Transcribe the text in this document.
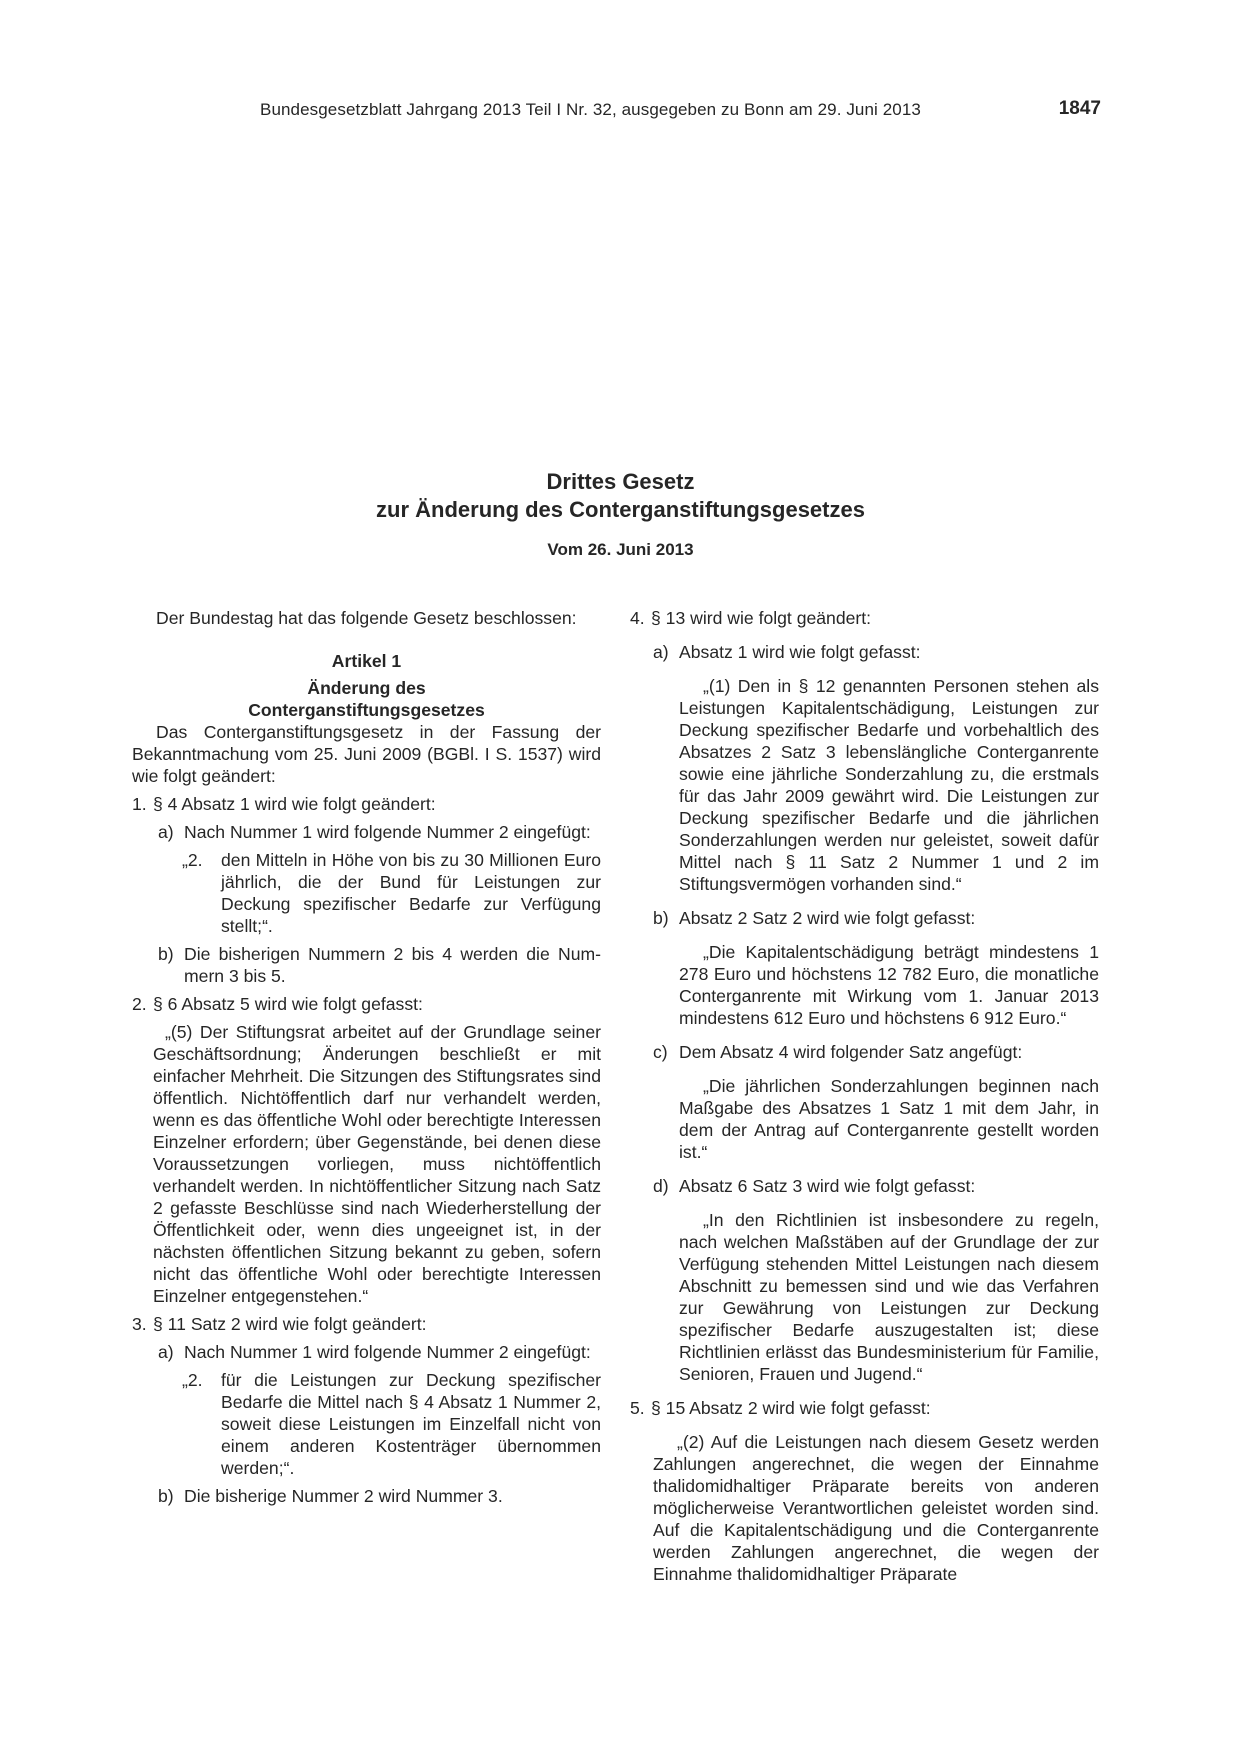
Bundesgesetzblatt Jahrgang 2013 Teil I Nr. 32, ausgegeben zu Bonn am 29. Juni 2013	1847
Drittes Gesetz
zur Änderung des Conterganstiftungsgesetzes
Vom 26. Juni 2013

Der Bundestag hat das folgende Gesetz beschlossen:

Artikel 1

Änderung des

Conterganstiftungsgesetzes

Das Conterganstiftungsgesetz in der Fassung der Bekanntmachung vom 25. Juni 2009 (BGBl. I S. 1537) wird wie folgt geändert:

1. § 4 Absatz 1 wird wie folgt geändert:
a) Nach Nummer 1 wird folgende Nummer 2 eingefügt:
„2. den Mitteln in Höhe von bis zu 30 Millionen Euro jährlich, die der Bund für Leistungen zur Deckung spezifischer Bedarfe zur Verfügung stellt;“.
b) Die bisherigen Nummern 2 bis 4 werden die Nummern 3 bis 5.
2. § 6 Absatz 5 wird wie folgt gefasst:

„(5) Der Stiftungsrat arbeitet auf der Grundlage seiner Geschäftsordnung; Änderungen beschließt er mit einfacher Mehrheit. Die Sitzungen des Stiftungsrates sind öffentlich. Nichtöffentlich darf nur verhandelt werden, wenn es das öffentliche Wohl oder berechtigte Interessen Einzelner erfordern; über Gegenstände, bei denen diese Voraussetzungen vorliegen, muss nichtöffentlich verhandelt werden. In nichtöffentlicher Sitzung nach Satz 2 gefasste Beschlüsse sind nach Wiederherstellung der Öffentlichkeit oder, wenn dies ungeeignet ist, in der nächsten öffentlichen Sitzung bekannt zu geben, sofern nicht das öffentliche Wohl oder berechtigte Interessen Einzelner entgegenstehen.“

3. § 11 Satz 2 wird wie folgt geändert:
a) Nach Nummer 1 wird folgende Nummer 2 eingefügt:
„2. für die Leistungen zur Deckung spezifischer Bedarfe die Mittel nach § 4 Absatz 1 Nummer 2, soweit diese Leistungen im Einzelfall nicht von einem anderen Kostenträger übernommen werden;“.
b) Die bisherige Nummer 2 wird Nummer 3.
4. § 13 wird wie folgt geändert:
a) Absatz 1 wird wie folgt gefasst:

„(1) Den in § 12 genannten Personen stehen als Leistungen Kapitalentschädigung, Leistungen zur Deckung spezifischer Bedarfe und vorbehaltlich des Absatzes 2 Satz 3 lebenslängliche Conterganrente sowie eine jährliche Sonderzahlung zu, die erstmals für das Jahr 2009 gewährt wird. Die Leistungen zur Deckung spezifischer Bedarfe und die jährlichen Sonderzahlungen werden nur geleistet, soweit dafür Mittel nach § 11 Satz 2 Nummer 1 und 2 im Stiftungsvermögen vorhanden sind.“

b) Absatz 2 Satz 2 wird wie folgt gefasst:

„Die Kapitalentschädigung beträgt mindestens 1 278 Euro und höchstens 12 782 Euro, die monatliche Conterganrente mit Wirkung vom 1. Januar 2013 mindestens 612 Euro und höchstens 6 912 Euro.“

c) Dem Absatz 4 wird folgender Satz angefügt:

„Die jährlichen Sonderzahlungen beginnen nach Maßgabe des Absatzes 1 Satz 1 mit dem Jahr, in dem der Antrag auf Conterganrente gestellt worden ist.“

d) Absatz 6 Satz 3 wird wie folgt gefasst:

„In den Richtlinien ist insbesondere zu regeln, nach welchen Maßstäben auf der Grundlage der zur Verfügung stehenden Mittel Leistungen nach diesem Abschnitt zu bemessen sind und wie das Verfahren zur Gewährung von Leistungen zur Deckung spezifischer Bedarfe auszugestalten ist; diese Richtlinien erlässt das Bundesministerium für Familie, Senioren, Frauen und Jugend.“

5. § 15 Absatz 2 wird wie folgt gefasst:

„(2) Auf die Leistungen nach diesem Gesetz werden Zahlungen angerechnet, die wegen der Einnahme thalidomidhaltiger Präparate bereits von anderen möglicherweise Verantwortlichen geleistet worden sind. Auf die Kapitalentschädigung und die Conterganrente werden Zahlungen angerechnet, die wegen der Einnahme thalidomidhaltiger Präparate
